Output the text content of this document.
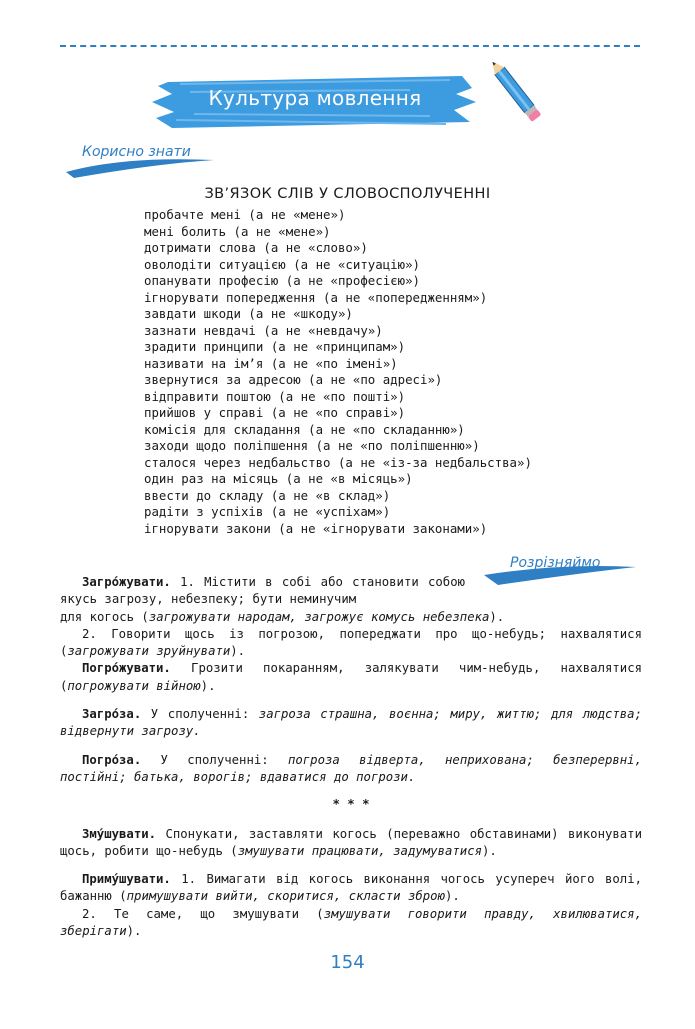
Культура мовлення
Корисно знати
ЗВ’ЯЗОК СЛІВ У СЛОВОСПОЛУЧЕННІ
пробачте мені (а не «мене»)
мені болить (а не «мене»)
дотримати слова (а не «слово»)
оволодіти ситуацією (а не «ситуацію»)
опанувати професію (а не «професією»)
ігнорувати попередження (а не «попередженням»)
завдати шкоди (а не «шкоду»)
зазнати невдачі (а не «невдачу»)
зрадити принципи (а не «принципам»)
називати на ім’я (а не «по імені»)
звернутися за адресою (а не «по адресі»)
відправити поштою (а не «по пошті»)
прийшов у справі (а не «по справі»)
комісія для складання (а не «по складанню»)
заходи щодо поліпшення (а не «по поліпшенню»)
сталося через недбальство (а не «із-за недбальства»)
один раз на місяць (а не «в місяць»)
ввести до складу (а не «в склад»)
радіти з успіхів (а не «успіхам»)
ігнорувати закони (а не «ігнорувати законами»)
Розрізняймо

Загро́жувати. 1. Містити в собі або становити собою якусь загрозу, небезпеку; бути неминучим

для когось (загрожувати народам, загрожує комусь небезпека).

2. Говорити щось із погрозою, попереджати про що-небудь; нахвалятися (загрожувати зруйнувати).

Погро́жувати. Грозити покаранням, залякувати чим-небудь, нахвалятися (погрожувати війною).

Загро́за. У сполученні: загроза страшна, воєнна; миру, життю; для людства; відвернути загрозу.

Погро́за. У сполученні: погроза відверта, неприхована; безперервні, постійні; батька, ворогів; вдаватися до погрози.

* * *

Зму́шувати. Спонукати, заставляти когось (переважно обставинами) виконувати щось, робити що-небудь (змушувати працювати, задумуватися).

Приму́шувати. 1. Вимагати від когось виконання чогось усупереч його волі, бажанню (примушувати вийти, скоритися, скласти зброю).

2. Те саме, що змушувати (змушувати говорити правду, хвилюватися, зберігати).

154
